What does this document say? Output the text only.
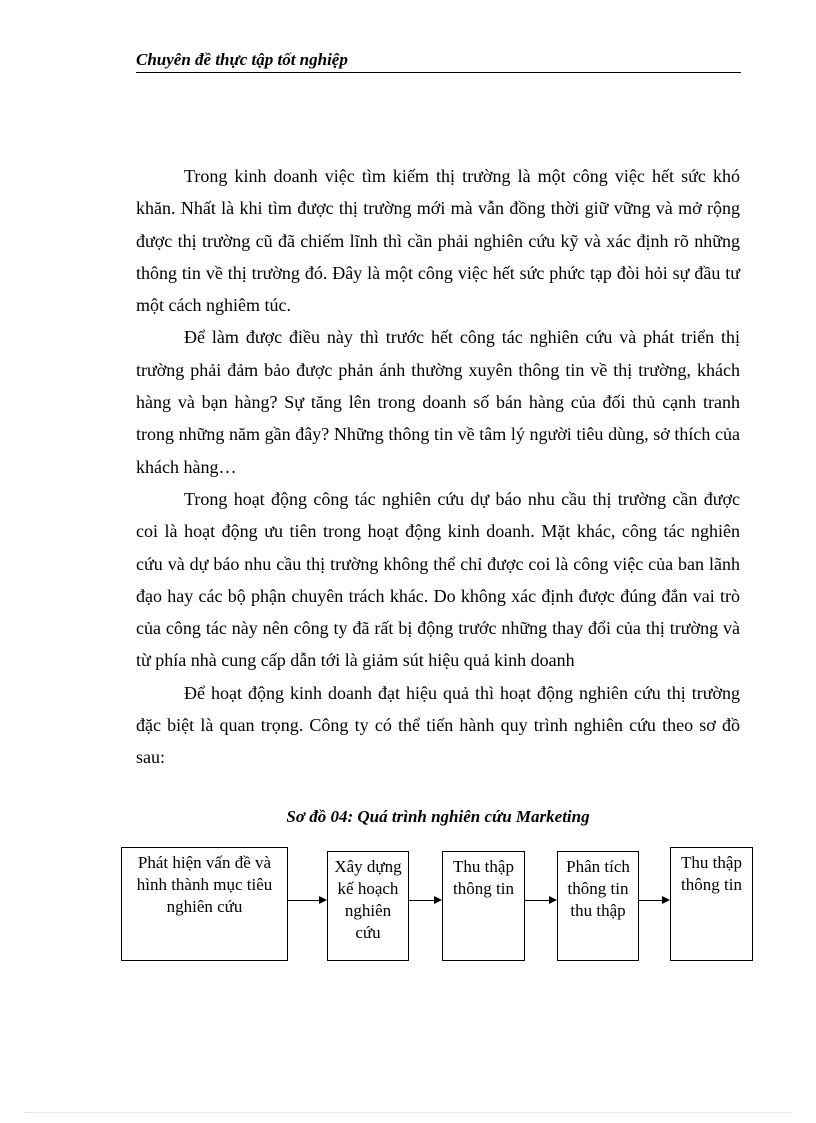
Chuyên đề thực tập tốt nghiệp

Trong kinh doanh việc tìm kiếm thị trường là một công việc hết sức khó khăn. Nhất là khi tìm được thị trường mới mà vẫn đồng thời giữ vững và mở rộng được thị trường cũ đã chiếm lĩnh thì cần phải nghiên cứu kỹ và xác định rõ những thông tin về thị trường đó. Đây là một công việc hết sức phức tạp đòi hỏi sự đầu tư một cách nghiêm túc.

Để làm được điều này thì trước hết công tác nghiên cứu và phát triển thị trường phải đảm bảo được phản ánh thường xuyên thông tin về thị trường, khách hàng và bạn hàng? Sự tăng lên trong doanh số bán hàng của đối thủ cạnh tranh trong những năm gần đây? Những thông tin về tâm lý người tiêu dùng, sở thích của khách hàng…

Trong hoạt động công tác nghiên cứu dự báo nhu cầu thị trường cần được coi là hoạt động ưu tiên trong hoạt động kinh doanh. Mặt khác, công tác nghiên cứu và dự báo nhu cầu thị trường không thể chỉ được coi là công việc của ban lãnh đạo hay các bộ phận chuyên trách khác. Do không xác định được đúng đắn vai trò của công tác này nên công ty đã rất bị động trước những thay đổi của thị trường và từ phía nhà cung cấp dẫn tới là giảm sút hiệu quả kinh doanh

Để hoạt động kinh doanh đạt hiệu quả thì hoạt động nghiên cứu thị trường đặc biệt là quan trọng. Công ty có thể tiến hành quy trình nghiên cứu theo sơ đồ sau:

Sơ đồ 04: Quá trình nghiên cứu Marketing
Phát hiện vấn đề và
hình thành mục tiêu
nghiên cứu
Xây dựng
kế hoạch
nghiên
cứu
Thu thập
thông tin
Phân tích
thông tin
thu thập
Thu thập
thông tin
